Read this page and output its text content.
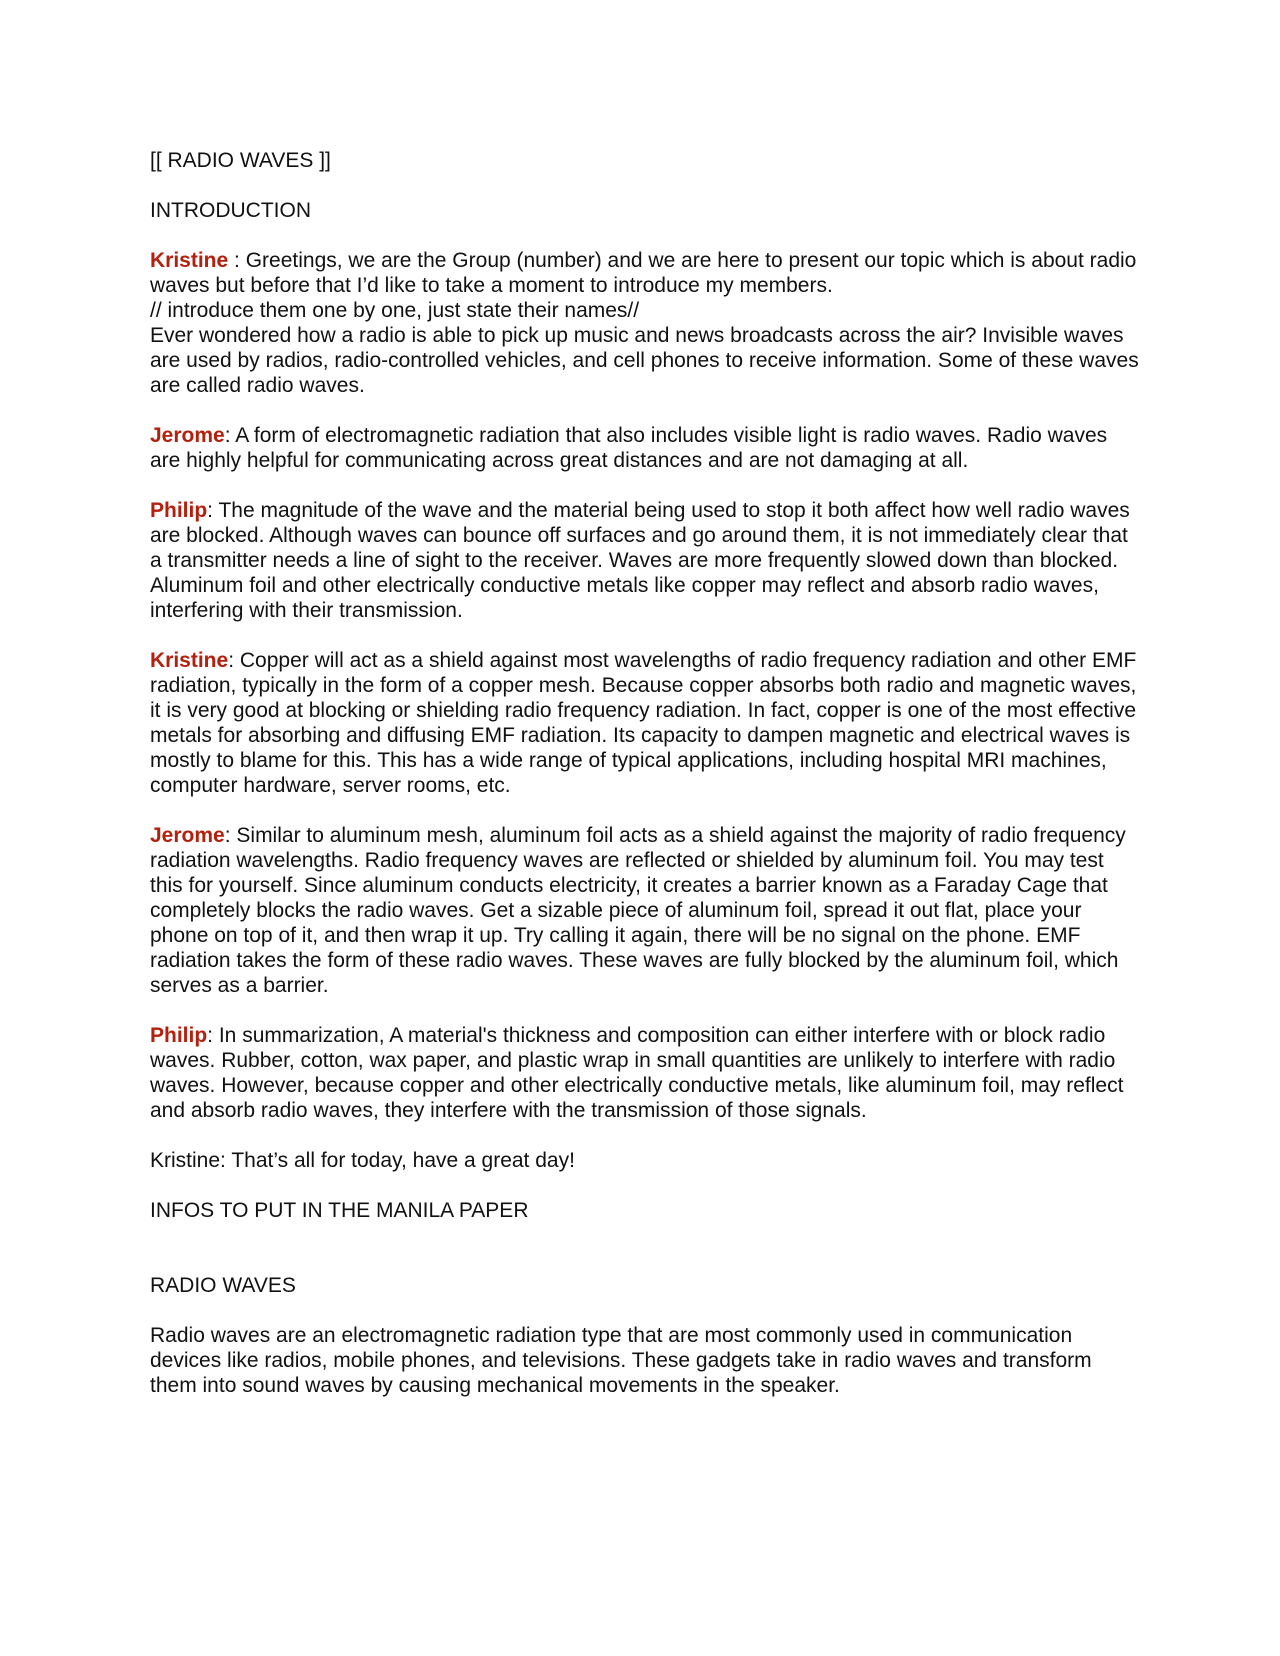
[[ RADIO WAVES ]]

INTRODUCTION

Kristine : Greetings, we are the Group (number) and we are here to present our topic which is about radio waves but before that I’d like to take a moment to introduce my members.
// introduce them one by one, just state their names//
Ever wondered how a radio is able to pick up music and news broadcasts across the air? Invisible waves are used by radios, radio-controlled vehicles, and cell phones to receive information. Some of these waves are called radio waves.

Jerome: A form of electromagnetic radiation that also includes visible light is radio waves. Radio waves are highly helpful for communicating across great distances and are not damaging at all.

Philip: The magnitude of the wave and the material being used to stop it both affect how well radio waves are blocked. Although waves can bounce off surfaces and go around them, it is not immediately clear that a transmitter needs a line of sight to the receiver. Waves are more frequently slowed down than blocked. Aluminum foil and other electrically conductive metals like copper may reflect and absorb radio waves, interfering with their transmission.

Kristine: Copper will act as a shield against most wavelengths of radio frequency radiation and other EMF radiation, typically in the form of a copper mesh. Because copper absorbs both radio and magnetic waves, it is very good at blocking or shielding radio frequency radiation. In fact, copper is one of the most effective metals for absorbing and diffusing EMF radiation. Its capacity to dampen magnetic and electrical waves is mostly to blame for this. This has a wide range of typical applications, including hospital MRI machines, computer hardware, server rooms, etc.

Jerome: Similar to aluminum mesh, aluminum foil acts as a shield against the majority of radio frequency radiation wavelengths. Radio frequency waves are reflected or shielded by aluminum foil. You may test this for yourself. Since aluminum conducts electricity, it creates a barrier known as a Faraday Cage that completely blocks the radio waves. Get a sizable piece of aluminum foil, spread it out flat, place your phone on top of it, and then wrap it up. Try calling it again, there will be no signal on the phone. EMF radiation takes the form of these radio waves. These waves are fully blocked by the aluminum foil, which serves as a barrier.

Philip: In summarization, A material's thickness and composition can either interfere with or block radio waves. Rubber, cotton, wax paper, and plastic wrap in small quantities are unlikely to interfere with radio waves. However, because copper and other electrically conductive metals, like aluminum foil, may reflect and absorb radio waves, they interfere with the transmission of those signals.

Kristine: That’s all for today, have a great day!

INFOS TO PUT IN THE MANILA PAPER

RADIO WAVES

Radio waves are an electromagnetic radiation type that are most commonly used in communication devices like radios, mobile phones, and televisions. These gadgets take in radio waves and transform them into sound waves by causing mechanical movements in the speaker.
